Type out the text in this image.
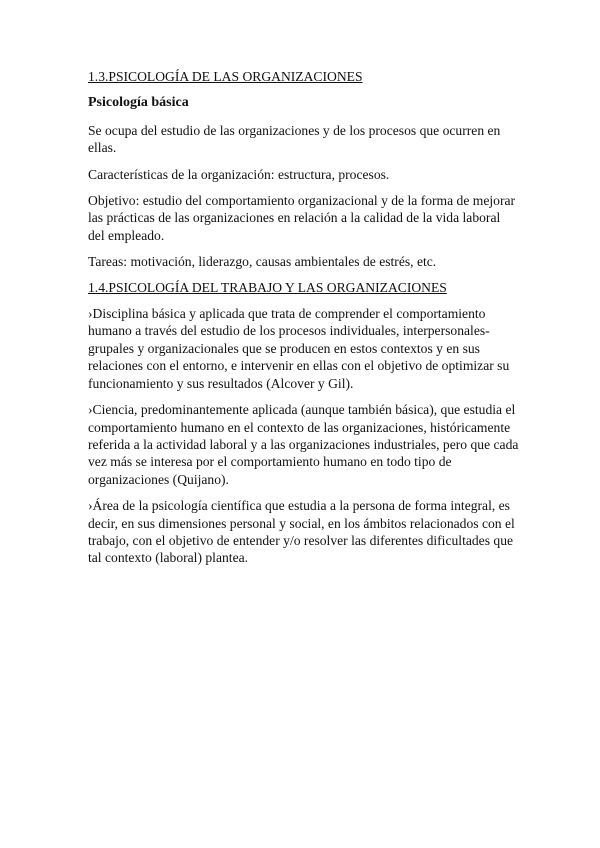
1.3.PSICOLOGÍA DE LAS ORGANIZACIONES
Psicología básica
Se ocupa del estudio de las organizaciones y de los procesos que ocurren en ellas.
Características de la organización: estructura, procesos.
Objetivo: estudio del comportamiento organizacional y de la forma de mejorar las prácticas de las organizaciones en relación a la calidad de la vida laboral del empleado.
Tareas: motivación, liderazgo, causas ambientales de estrés, etc.
1.4.PSICOLOGÍA DEL TRABAJO Y LAS ORGANIZACIONES
›Disciplina básica y aplicada que trata de comprender el comportamiento humano a través del estudio de los procesos individuales, interpersonales-grupales y organizacionales que se producen en estos contextos y en sus relaciones con el entorno, e intervenir en ellas con el objetivo de optimizar su funcionamiento y sus resultados (Alcover y Gil).
›Ciencia, predominantemente aplicada (aunque también básica), que estudia el comportamiento humano en el contexto de las organizaciones, históricamente referida a la actividad laboral y a las organizaciones industriales, pero que cada vez más se interesa por el comportamiento humano en todo tipo de organizaciones (Quijano).
›Área de la psicología científica que estudia a la persona de forma integral, es decir, en sus dimensiones personal y social, en los ámbitos relacionados con el trabajo, con el objetivo de entender y/o resolver las diferentes dificultades que tal contexto (laboral) plantea.
